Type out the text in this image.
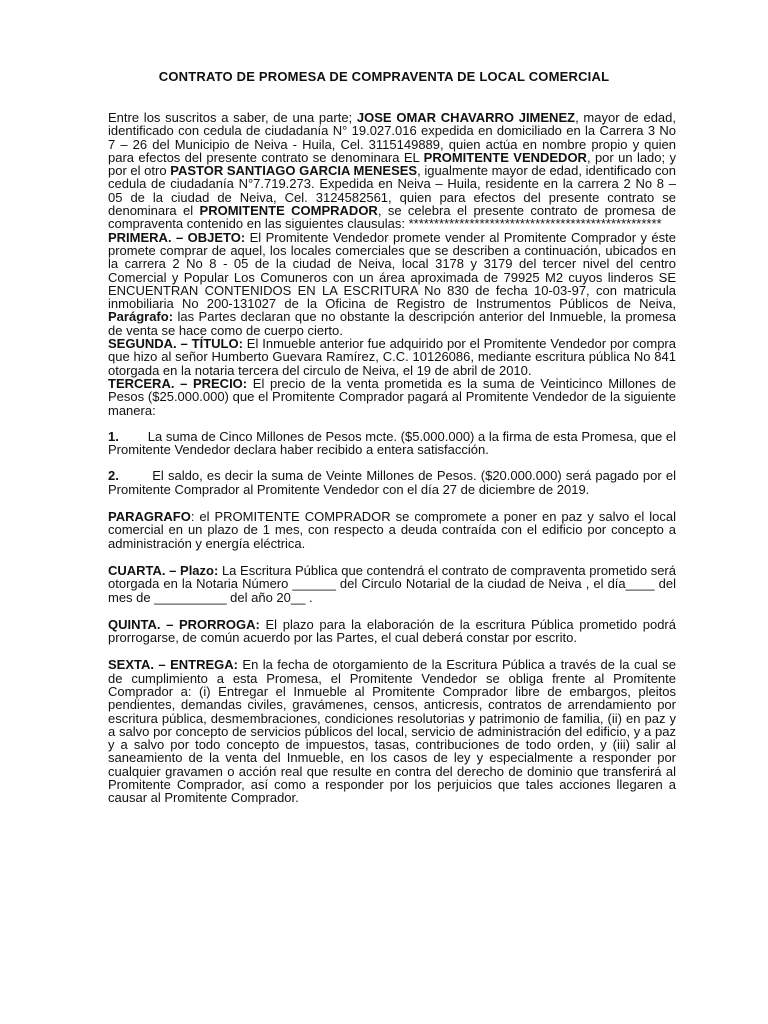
CONTRATO DE PROMESA DE COMPRAVENTA DE LOCAL COMERCIAL

Entre los suscritos a saber, de una parte; JOSE OMAR CHAVARRO JIMENEZ, mayor de edad, identificado con cedula de ciudadanía N° 19.027.016 expedida en domiciliado en la Carrera 3 No 7 – 26 del Municipio de Neiva - Huila, Cel. 3115149889, quien actúa en nombre propio y quien para efectos del presente contrato se denominara EL PROMITENTE VENDEDOR, por un lado; y por el otro PASTOR SANTIAGO GARCIA MENESES, igualmente mayor de edad, identificado con cedula de ciudadanía N°7.719.273. Expedida en Neiva – Huila, residente en la carrera 2 No 8 – 05 de la ciudad de Neiva, Cel. 3124582561, quien para efectos del presente contrato se denominara el PROMITENTE COMPRADOR, se celebra el presente contrato de promesa de compraventa contenido en las siguientes clausulas: **************************************************

PRIMERA. – OBJETO: El Promitente Vendedor promete vender al Promitente Comprador y éste promete comprar de aquel, los locales comerciales que se describen a continuación, ubicados en la carrera 2 No 8 - 05 de la ciudad de Neiva, local 3178 y 3179 del tercer nivel del centro Comercial y Popular Los Comuneros con un área aproximada de 79925 M2 cuyos linderos SE ENCUENTRAN CONTENIDOS EN LA ESCRITURA No 830 de fecha 10-03-97, con matricula inmobiliaria No 200-131027 de la Oficina de Registro de Instrumentos Públicos de Neiva, Parágrafo: las Partes declaran que no obstante la descripción anterior del Inmueble, la promesa de venta se hace como de cuerpo cierto.

SEGUNDA. – TÍTULO: El Inmueble anterior fue adquirido por el Promitente Vendedor por compra que hizo al señor Humberto Guevara Ramírez, C.C. 10126086, mediante escritura pública No 841 otorgada en la notaria tercera del circulo de Neiva, el 19 de abril de 2010.

TERCERA. – PRECIO: El precio de la venta prometida es la suma de Veinticinco Millones de Pesos ($25.000.000) que el Promitente Comprador pagará al Promitente Vendedor de la siguiente manera:

1.        La suma de Cinco Millones de Pesos mcte. ($5.000.000) a la firma de esta Promesa, que el Promitente Vendedor declara haber recibido a entera satisfacción.

2.        El saldo, es decir la suma de Veinte Millones de Pesos. ($20.000.000) será pagado por el Promitente Comprador al Promitente Vendedor con el día 27 de diciembre de 2019.

PARAGRAFO: el PROMITENTE COMPRADOR se compromete a poner en paz y salvo el local comercial en un plazo de 1 mes, con respecto a deuda contraída con el edificio por concepto a administración y energía eléctrica.

CUARTA. – Plazo: La Escritura Pública que contendrá el contrato de compraventa prometido será otorgada en la Notaria Número ______ del Circulo Notarial de la ciudad de Neiva , el día____ del mes de __________ del año 20__ .

QUINTA. – PRORROGA: El plazo para la elaboración de la escritura Pública prometido podrá prorrogarse, de común acuerdo por las Partes, el cual deberá constar por escrito.

SEXTA. – ENTREGA: En la fecha de otorgamiento de la Escritura Pública a través de la cual se de cumplimiento a esta Promesa, el Promitente Vendedor se obliga frente al Promitente Comprador a: (i) Entregar el Inmueble al Promitente Comprador libre de embargos, pleitos pendientes, demandas civiles, gravámenes, censos, anticresis, contratos de arrendamiento por escritura pública, desmembraciones, condiciones resolutorias y patrimonio de familia, (ii) en paz y a salvo por concepto de servicios públicos del local, servicio de administración del edificio, y a paz y a salvo por todo concepto de impuestos, tasas, contribuciones de todo orden, y (iii) salir al saneamiento de la venta del Inmueble, en los casos de ley y especialmente a responder por cualquier gravamen o acción real que resulte en contra del derecho de dominio que transferirá al Promitente Comprador, así como a responder por los perjuicios que tales acciones llegaren a causar al Promitente Comprador.
